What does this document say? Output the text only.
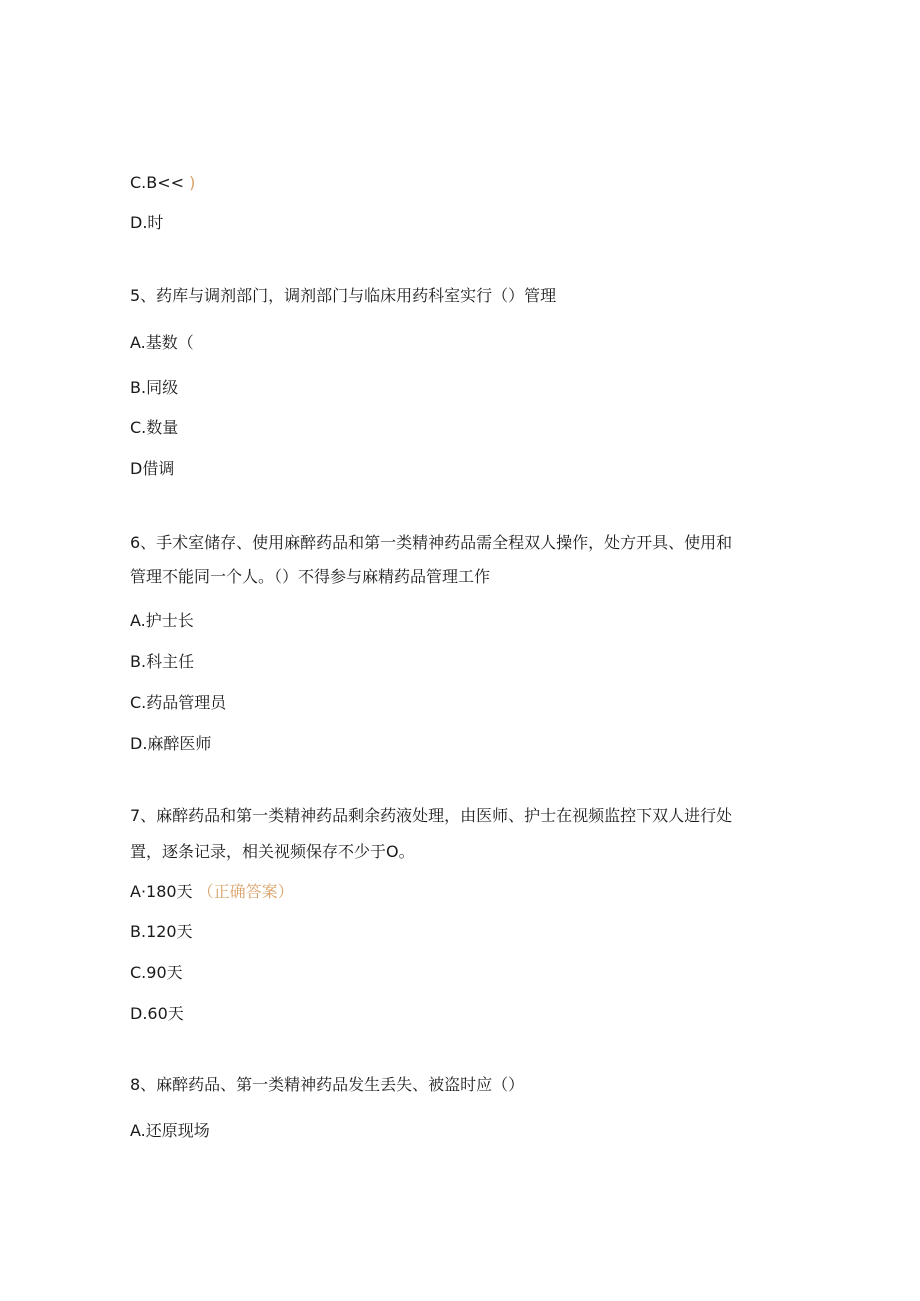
C.B<< )
D.时
5、药库与调剂部门，调剂部门与临床用药科室实行（）管理
A.基数（
B.同级
C.数量
D借调
6、手术室储存、使用麻醉药品和第一类精神药品需全程双人操作，处方开具、使用和
管理不能同一个人。（）不得参与麻精药品管理工作
A.护士长
B.科主任
C.药品管理员
D.麻醉医师
7、麻醉药品和第一类精神药品剩余药液处理，由医师、护士在视频监控下双人进行处
置，逐条记录，相关视频保存不少于O。
A·180天 （正确答案）
B.120天
C.90天
D.60天
8、麻醉药品、第一类精神药品发生丢失、被盗时应（）
A.还原现场
